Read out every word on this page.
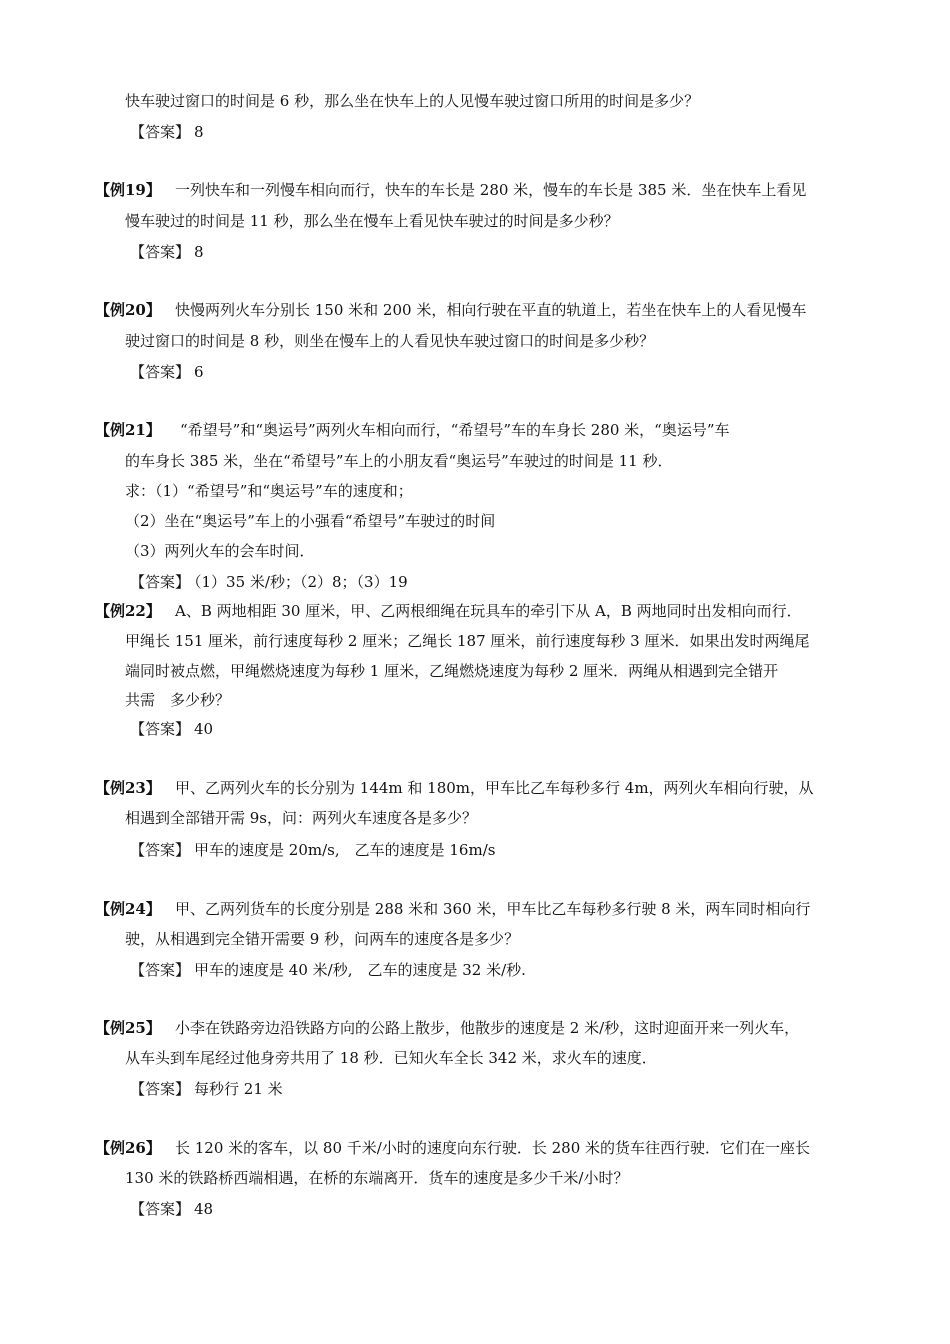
快车驶过窗口的时间是 6 秒，那么坐在快车上的人见慢车驶过窗口所用的时间是多少？
【答案】 8
【例19】 一列快车和一列慢车相向而行，快车的车长是 280 米，慢车的车长是 385 米．坐在快车上看见
慢车驶过的时间是 11 秒，那么坐在慢车上看见快车驶过的时间是多少秒？
【答案】 8
【例20】 快慢两列火车分别长 150 米和 200 米，相向行驶在平直的轨道上，若坐在快车上的人看见慢车
驶过窗口的时间是 8 秒，则坐在慢车上的人看见快车驶过窗口的时间是多少秒？
【答案】 6
【例21】 “希望号”和“奥运号”两列火车相向而行，“希望号”车的车身长 280 米，“奥运号”车
的车身长 385 米，坐在“希望号”车上的小朋友看“奥运号”车驶过的时间是 11 秒．
求：（1）“希望号”和“奥运号”车的速度和；
（2）坐在“奥运号”车上的小强看“希望号”车驶过的时间
（3）两列火车的会车时间．
【答案】 （1）35 米/秒；（2）8；（3）19
【例22】 A、B 两地相距 30 厘米，甲、乙两根细绳在玩具车的牵引下从 A，B 两地同时出发相向而行．
甲绳长 151 厘米，前行速度每秒 2 厘米；乙绳长 187 厘米，前行速度每秒 3 厘米．如果出发时两绳尾
端同时被点燃，甲绳燃烧速度为每秒 1 厘米，乙绳燃烧速度为每秒 2 厘米．两绳从相遇到完全错开
共需　多少秒？
【答案】 40
【例23】 甲、乙两列火车的长分别为 144m 和 180m，甲车比乙车每秒多行 4m，两列火车相向行驶，从
相遇到全部错开需 9s，问：两列火车速度各是多少？
【答案】 甲车的速度是 20m/s,　乙车的速度是 16m/s
【例24】 甲、乙两列货车的长度分别是 288 米和 360 米，甲车比乙车每秒多行驶 8 米，两车同时相向行
驶，从相遇到完全错开需要 9 秒，问两车的速度各是多少？
【答案】 甲车的速度是 40 米/秒,　乙车的速度是 32 米/秒.
【例25】 小李在铁路旁边沿铁路方向的公路上散步，他散步的速度是 2 米/秒，这时迎面开来一列火车，
从车头到车尾经过他身旁共用了 18 秒．已知火车全长 342 米，求火车的速度．
【答案】 每秒行 21 米
【例26】 长 120 米的客车，以 80 千米/小时的速度向东行驶．长 280 米的货车往西行驶．它们在一座长
130 米的铁路桥西端相遇，在桥的东端离开．货车的速度是多少千米/小时？
【答案】 48
